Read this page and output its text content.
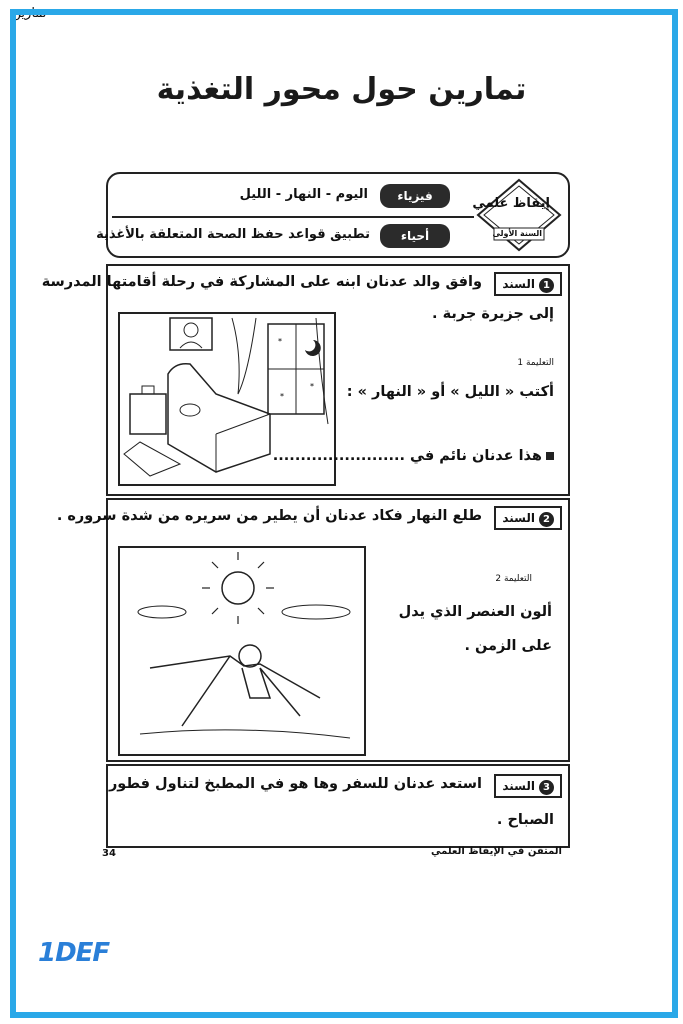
تمارين
تمارين حول محور التغذية
إيقاظ علمي
السنة الأولى
فيزياء
اليوم - النهار - الليل
أحياء
تطبيق قواعد حفظ الصحة المتعلقة بالأغذية
1السند
وافق والد عدنان ابنه على المشاركة في رحلة أقامتها المدرسة
إلى جزيرة جربة .
*
*
*
التعليمة 1
أكتب « الليل » أو « النهار » :
هذا عدنان نائم في ........................
2السند
طلع النهار فكاد عدنان أن يطير من سريره من شدة سروره .
التعليمة 2
ألون العنصر الذي يدل
على الزمن .
3السند
استعد عدنان للسفر وها هو في المطبخ لتناول فطور
الصباح .
34	المتقن في الإيقاظ العلمي
1DEF
